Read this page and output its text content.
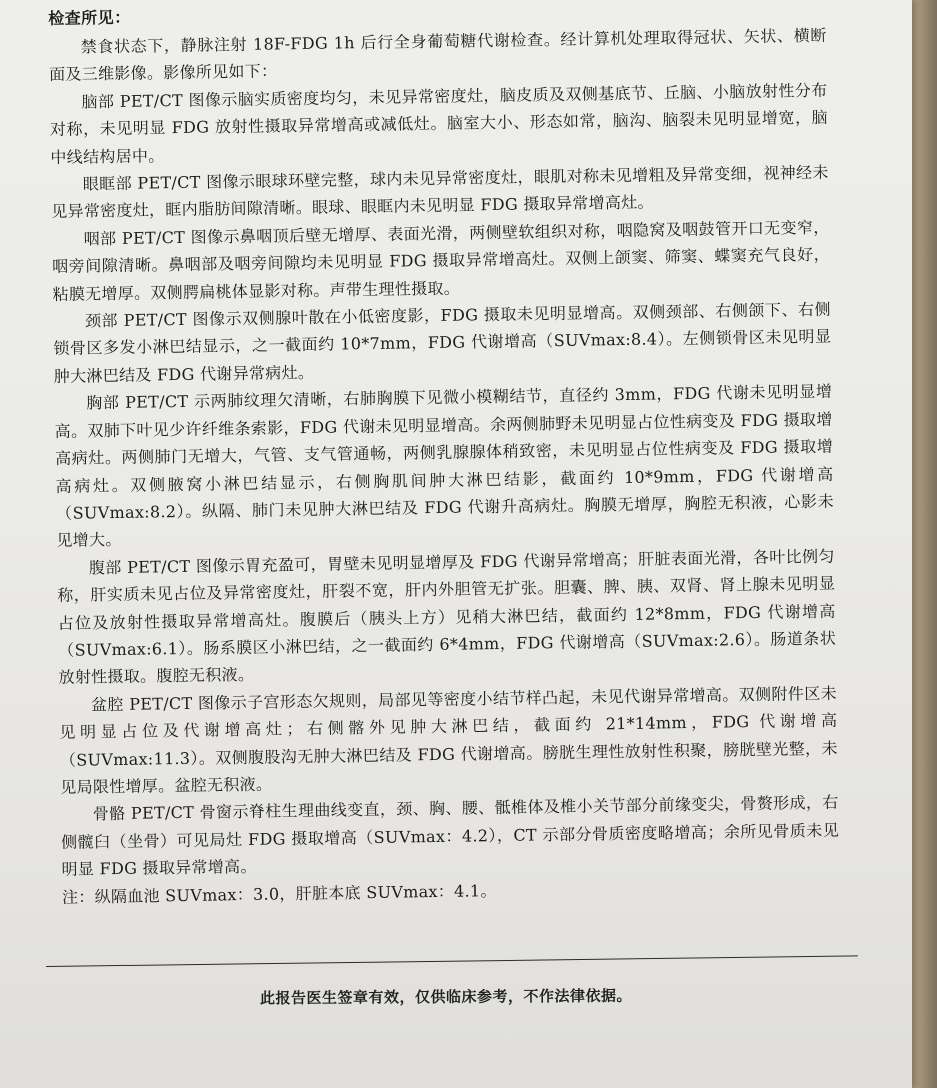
检查所见：

禁食状态下，静脉注射 18F-FDG 1h 后行全身葡萄糖代谢检查。经计算机处理取得冠状、矢状、横断面及三维影像。影像所见如下：

脑部 PET/CT 图像示脑实质密度均匀，未见异常密度灶，脑皮质及双侧基底节、丘脑、小脑放射性分布对称，未见明显 FDG 放射性摄取异常增高或减低灶。脑室大小、形态如常，脑沟、脑裂未见明显增宽，脑中线结构居中。

眼眶部 PET/CT 图像示眼球环壁完整，球内未见异常密度灶，眼肌对称未见增粗及异常变细，视神经未见异常密度灶，眶内脂肪间隙清晰。眼球、眼眶内未见明显 FDG 摄取异常增高灶。

咽部 PET/CT 图像示鼻咽顶后壁无增厚、表面光滑，两侧壁软组织对称，咽隐窝及咽鼓管开口无变窄，咽旁间隙清晰。鼻咽部及咽旁间隙均未见明显 FDG 摄取异常增高灶。双侧上颌窦、筛窦、蝶窦充气良好，粘膜无增厚。双侧腭扁桃体显影对称。声带生理性摄取。

颈部 PET/CT 图像示双侧腺叶散在小低密度影，FDG 摄取未见明显增高。双侧颈部、右侧颌下、右侧锁骨区多发小淋巴结显示，之一截面约 10*7mm，FDG 代谢增高（SUVmax:8.4）。左侧锁骨区未见明显肿大淋巴结及 FDG 代谢异常病灶。

胸部 PET/CT 示两肺纹理欠清晰，右肺胸膜下见微小模糊结节，直径约 3mm，FDG 代谢未见明显增高。双肺下叶见少许纤维条索影，FDG 代谢未见明显增高。余两侧肺野未见明显占位性病变及 FDG 摄取增高病灶。两侧肺门无增大，气管、支气管通畅，两侧乳腺腺体稍致密，未见明显占位性病变及 FDG 摄取增高病灶。双侧腋窝小淋巴结显示，右侧胸肌间肿大淋巴结影，截面约 10*9mm，FDG 代谢增高（SUVmax:8.2）。纵隔、肺门未见肿大淋巴结及 FDG 代谢升高病灶。胸膜无增厚，胸腔无积液，心影未见增大。

腹部 PET/CT 图像示胃充盈可，胃壁未见明显增厚及 FDG 代谢异常增高；肝脏表面光滑，各叶比例匀称，肝实质未见占位及异常密度灶，肝裂不宽，肝内外胆管无扩张。胆囊、脾、胰、双肾、肾上腺未见明显占位及放射性摄取异常增高灶。腹膜后（胰头上方）见稍大淋巴结，截面约 12*8mm，FDG 代谢增高（SUVmax:6.1）。肠系膜区小淋巴结，之一截面约 6*4mm，FDG 代谢增高（SUVmax:2.6）。肠道条状放射性摄取。腹腔无积液。

盆腔 PET/CT 图像示子宫形态欠规则，局部见等密度小结节样凸起，未见代谢异常增高。双侧附件区未见明显占位及代谢增高灶；右侧髂外见肿大淋巴结，截面约 21*14mm，FDG 代谢增高（SUVmax:11.3）。双侧腹股沟无肿大淋巴结及 FDG 代谢增高。膀胱生理性放射性积聚，膀胱壁光整，未见局限性增厚。盆腔无积液。

骨骼 PET/CT 骨窗示脊柱生理曲线变直，颈、胸、腰、骶椎体及椎小关节部分前缘变尖，骨赘形成，右侧髋臼（坐骨）可见局灶 FDG 摄取增高（SUVmax：4.2），CT 示部分骨质密度略增高；余所见骨质未见明显 FDG 摄取异常增高。

注：纵隔血池 SUVmax：3.0，肝脏本底 SUVmax：4.1。

此报告医生签章有效，仅供临床参考，不作法律依据。
